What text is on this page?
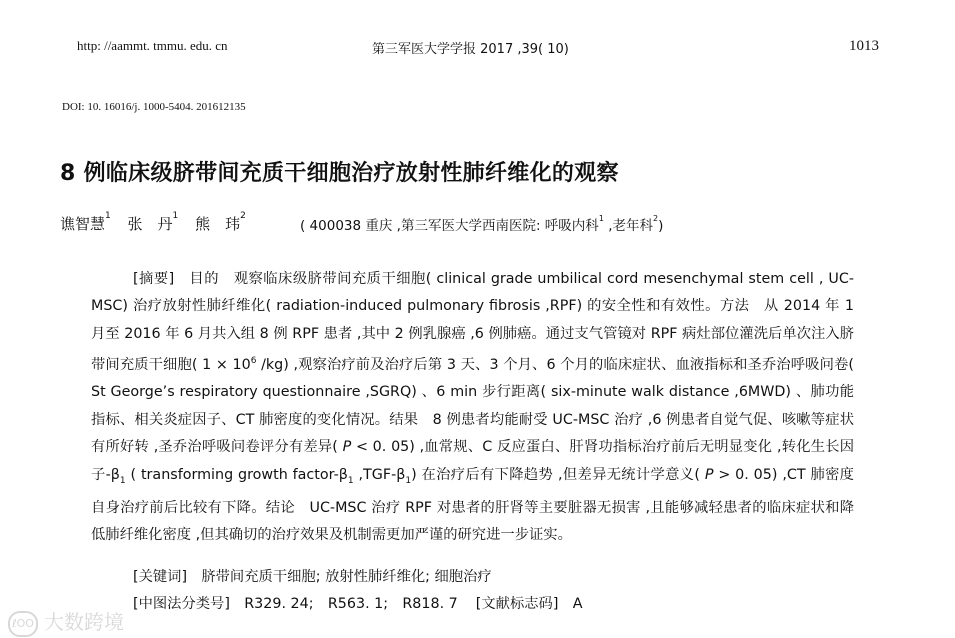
http: //aammt. tmmu. edu. cn	第三军医大学学报 2017 ,39( 10)	1013
DOI: 10. 16016/j. 1000-5404. 201612135
8 例临床级脐带间充质干细胞治疗放射性肺纤维化的观察
谯智慧$^1$ 张　丹$^1$ 熊　玮$^2$
( 400038 重庆 ,第三军医大学西南医院: 呼吸内科$^1$ ,老年科$^2$)

[摘要]　 目的　 观察临床级脐带间充质干细胞( clinical grade umbilical cord mesenchymal stem cell , UC-MSC) 治疗放射性肺纤维化( radiation-induced pulmonary fibrosis ,RPF) 的安全性和有效性。方法　从 2014 年 1 月至 2016 年 6 月共入组 8 例 RPF 患者 ,其中 2 例乳腺癌 ,6 例肺癌。通过支气管镜对 RPF 病灶部位灌洗后单次注入脐带间充质干细胞( $1 \times 10^6$ /kg) ,观察治疗前及治疗后第 3 天、3 个月、6 个月的临床症状、血液指标和圣乔治呼吸问卷( St George’s respiratory questionnaire ,SGRQ) 、6 min 步行距离( six-minute walk distance ,6MWD) 、肺功能指标、相关炎症因子、CT 肺密度的变化情况。结果　8 例患者均能耐受 UC-MSC 治疗 ,6 例患者自觉气促、咳嗽等症状有所好转 ,圣乔治呼吸问卷评分有差异( P < 0. 05) ,血常规、C 反应蛋白、肝肾功指标治疗前后无明显变化 ,转化生长因子$-\beta_1$ ( transforming growth factor-$\beta_1$ $,TGF-\beta_1$) 在治疗后有下降趋势 ,但差异无统计学意义( P > 0. 05) ,CT 肺密度自身治疗前后比较有下降。结论　UC-MSC 治疗 RPF 对患者的肝肾等主要脏器无损害 ,且能够减轻患者的临床症状和降低肺纤维化密度 ,但其确切的治疗效果及机制需更加严谨的研究进一步证实。

[关键词]　 脐带间充质干细胞; 放射性肺纤维化; 细胞治疗
[中图法分类号]　 R329. 24;　R563. 1;　R818. 7 [文献标志码]　 A
ℓOO 大数跨境
